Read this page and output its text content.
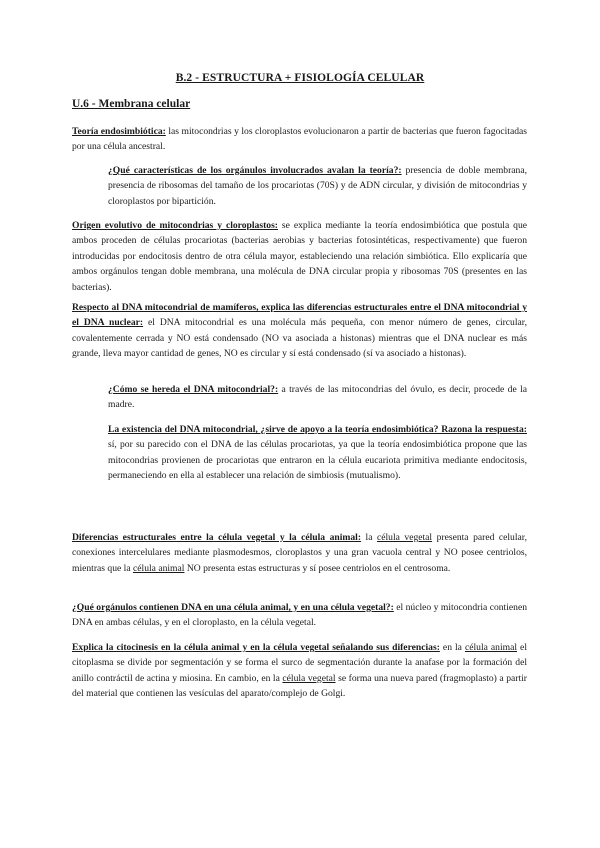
B.2 - ESTRUCTURA + FISIOLOGÍA CELULAR
U.6 - Membrana celular
Teoría endosimbiótica: las mitocondrias y los cloroplastos evolucionaron a partir de bacterias que fueron fagocitadas por una célula ancestral.
¿Qué características de los orgánulos involucrados avalan la teoría?: presencia de doble membrana, presencia de ribosomas del tamaño de los procariotas (70S) y de ADN circular, y división de mitocondrias y cloroplastos por bipartición.
Origen evolutivo de mitocondrias y cloroplastos: se explica mediante la teoría endosimbiótica que postula que ambos proceden de células procariotas (bacterias aerobias y bacterias fotosintéticas, respectivamente) que fueron introducidas por endocitosis dentro de otra célula mayor, estableciendo una relación simbiótica. Ello explicaría que ambos orgánulos tengan doble membrana, una molécula de DNA circular propia y ribosomas 70S (presentes en las bacterias).
Respecto al DNA mitocondrial de mamíferos, explica las diferencias estructurales entre el DNA mitocondrial y el DNA nuclear: el DNA mitocondrial es una molécula más pequeña, con menor número de genes, circular, covalentemente cerrada y NO está condensado (NO va asociada a histonas) mientras que el DNA nuclear es más grande, lleva mayor cantidad de genes, NO es circular y sí está condensado (sí va asociado a histonas).
¿Cómo se hereda el DNA mitocondrial?: a través de las mitocondrias del óvulo, es decir, procede de la madre.
La existencia del DNA mitocondrial, ¿sirve de apoyo a la teoría endosimbiótica? Razona la respuesta: sí, por su parecido con el DNA de las células procariotas, ya que la teoría endosimbiótica propone que las mitocondrias provienen de procariotas que entraron en la célula eucariota primitiva mediante endocitosis, permaneciendo en ella al establecer una relación de simbiosis (mutualismo).
Diferencias estructurales entre la célula vegetal y la célula animal: la célula vegetal presenta pared celular, conexiones intercelulares mediante plasmodesmos, cloroplastos y una gran vacuola central y NO posee centriolos, mientras que la célula animal NO presenta estas estructuras y sí posee centriolos en el centrosoma.
¿Qué orgánulos contienen DNA en una célula animal, y en una célula vegetal?: el núcleo y mitocondria contienen DNA en ambas células, y en el cloroplasto, en la célula vegetal.
Explica la citocinesis en la célula animal y en la célula vegetal señalando sus diferencias: en la célula animal el citoplasma se divide por segmentación y se forma el surco de segmentación durante la anafase por la formación del anillo contráctil de actina y miosina. En cambio, en la célula vegetal se forma una nueva pared (fragmoplasto) a partir del material que contienen las vesículas del aparato/complejo de Golgi.
